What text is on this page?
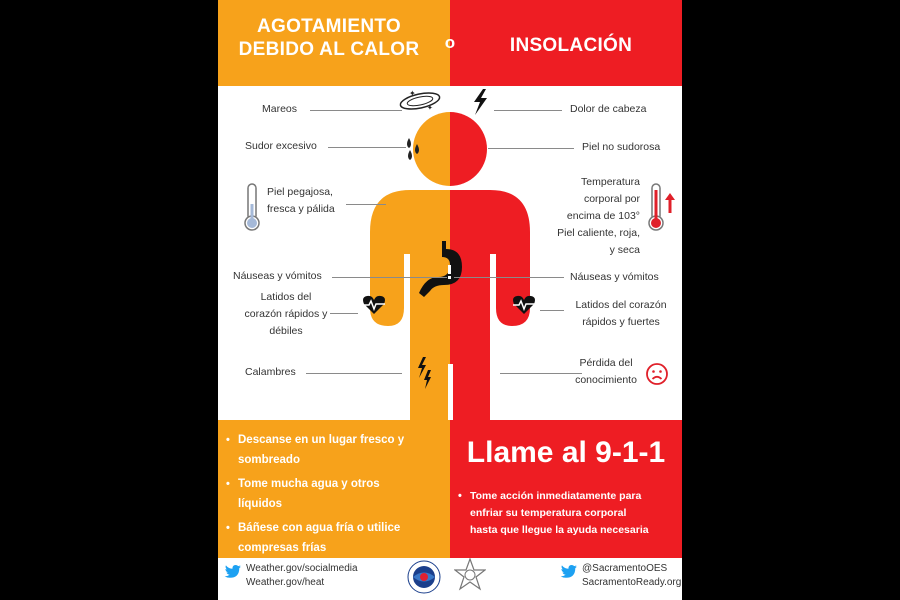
AGOTAMIENTO
DEBIDO AL CALOR	INSOLACIÓN
o
✦
✦
Mareos
Sudor excesivo
Piel pegajosa,
fresca y pálida
Náuseas y vómitos
Latidos del
corazón rápidos y
débiles
Calambres
Dolor de cabeza
Piel no sudorosa
Temperatura
corporal por
encima de 103°
Piel caliente, roja,
y seca
Náuseas y vómitos
Latidos del corazón
rápidos y fuertes
Pérdida del
conocimiento
• Descanse en un lugar fresco y
sombreado
• Tome mucha agua y otros
líquidos
• Báñese con agua fría o utilice
compresas frías
Llame al 9-1-1
• Tome acción inmediatamente para
enfriar su temperatura corporal
hasta que llegue la ayuda necesaria
Weather.gov/socialmedia
Weather.gov/heat
@SacramentoOES
SacramentoReady.org
